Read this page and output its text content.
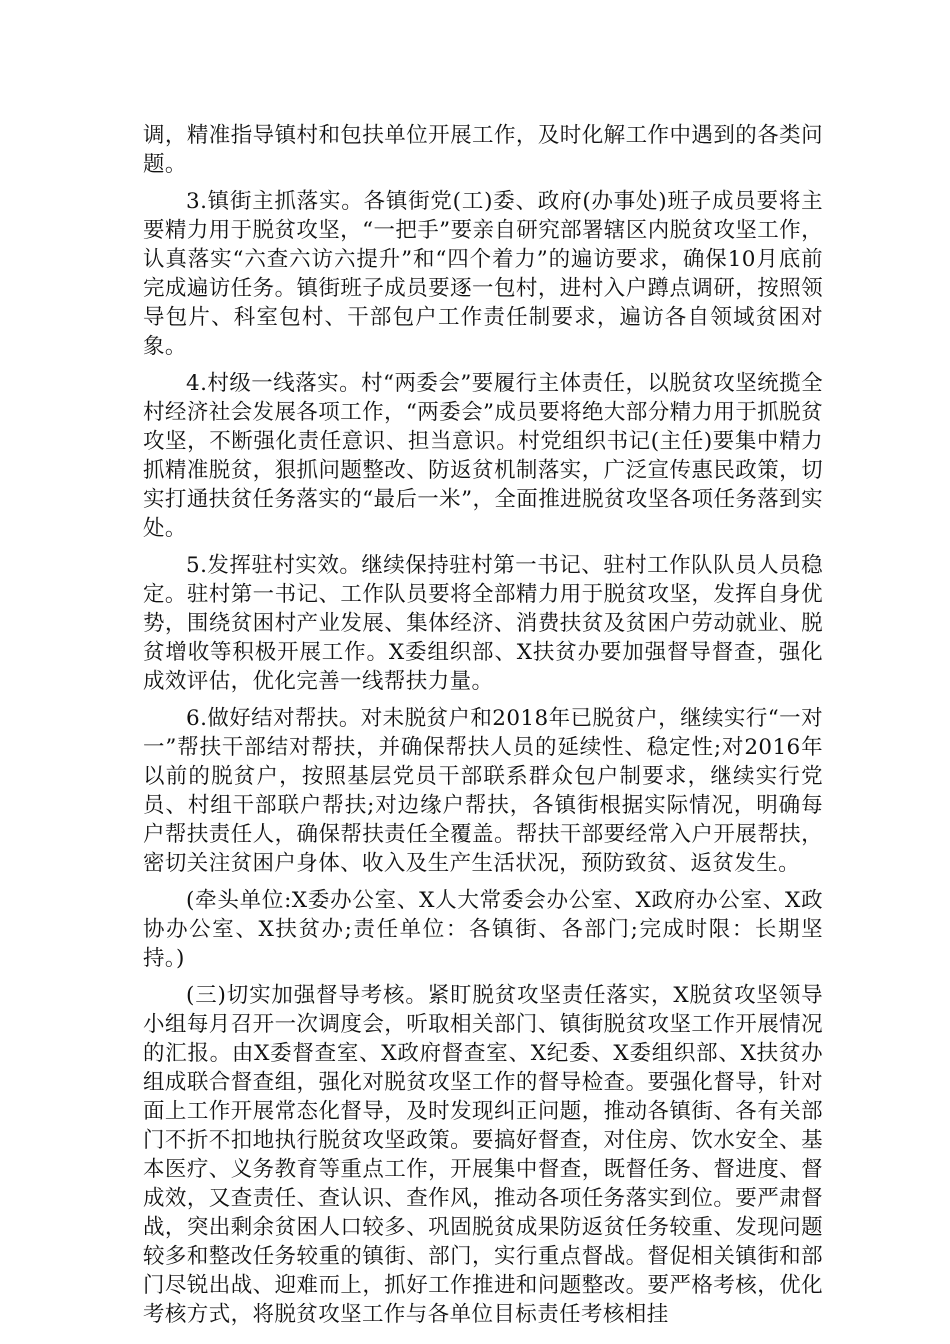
调，精准指导镇村和包扶单位开展工作，及时化解工作中遇到的各类问题。

3.镇街主抓落实。各镇街党(工)委、政府(办事处)班子成员要将主要精力用于脱贫攻坚，“一把手”要亲自研究部署辖区内脱贫攻坚工作，认真落实“六查六访六提升”和“四个着力”的遍访要求，确保10月底前完成遍访任务。镇街班子成员要逐一包村，进村入户蹲点调研，按照领导包片、科室包村、干部包户工作责任制要求，遍访各自领域贫困对象。

4.村级一线落实。村“两委会”要履行主体责任，以脱贫攻坚统揽全村经济社会发展各项工作，“两委会”成员要将绝大部分精力用于抓脱贫攻坚，不断强化责任意识、担当意识。村党组织书记(主任)要集中精力抓精准脱贫，狠抓问题整改、防返贫机制落实，广泛宣传惠民政策，切实打通扶贫任务落实的“最后一米”，全面推进脱贫攻坚各项任务落到实处。

5.发挥驻村实效。继续保持驻村第一书记、驻村工作队队员人员稳定。驻村第一书记、工作队员要将全部精力用于脱贫攻坚，发挥自身优势，围绕贫困村产业发展、集体经济、消费扶贫及贫困户劳动就业、脱贫增收等积极开展工作。X委组织部、X扶贫办要加强督导督查，强化成效评估，优化完善一线帮扶力量。

6.做好结对帮扶。对未脱贫户和2018年已脱贫户，继续实行“一对一”帮扶干部结对帮扶，并确保帮扶人员的延续性、稳定性;对2016年以前的脱贫户，按照基层党员干部联系群众包户制要求，继续实行党员、村组干部联户帮扶;对边缘户帮扶，各镇街根据实际情况，明确每户帮扶责任人，确保帮扶责任全覆盖。帮扶干部要经常入户开展帮扶，密切关注贫困户身体、收入及生产生活状况，预防致贫、返贫发生。

(牵头单位:X委办公室、X人大常委会办公室、X政府办公室、X政协办公室、X扶贫办;责任单位：各镇街、各部门;完成时限：长期坚持。)

(三)切实加强督导考核。紧盯脱贫攻坚责任落实，X脱贫攻坚领导小组每月召开一次调度会，听取相关部门、镇街脱贫攻坚工作开展情况的汇报。由X委督查室、X政府督查室、X纪委、X委组织部、X扶贫办组成联合督查组，强化对脱贫攻坚工作的督导检查。要强化督导，针对面上工作开展常态化督导，及时发现纠正问题，推动各镇街、各有关部门不折不扣地执行脱贫攻坚政策。要搞好督查，对住房、饮水安全、基本医疗、义务教育等重点工作，开展集中督查，既督任务、督进度、督成效，又查责任、查认识、查作风，推动各项任务落实到位。要严肃督战，突出剩余贫困人口较多、巩固脱贫成果防返贫任务较重、发现问题较多和整改任务较重的镇街、部门，实行重点督战。督促相关镇街和部门尽锐出战、迎难而上，抓好工作推进和问题整改。要严格考核，优化考核方式，将脱贫攻坚工作与各单位目标责任考核相挂
